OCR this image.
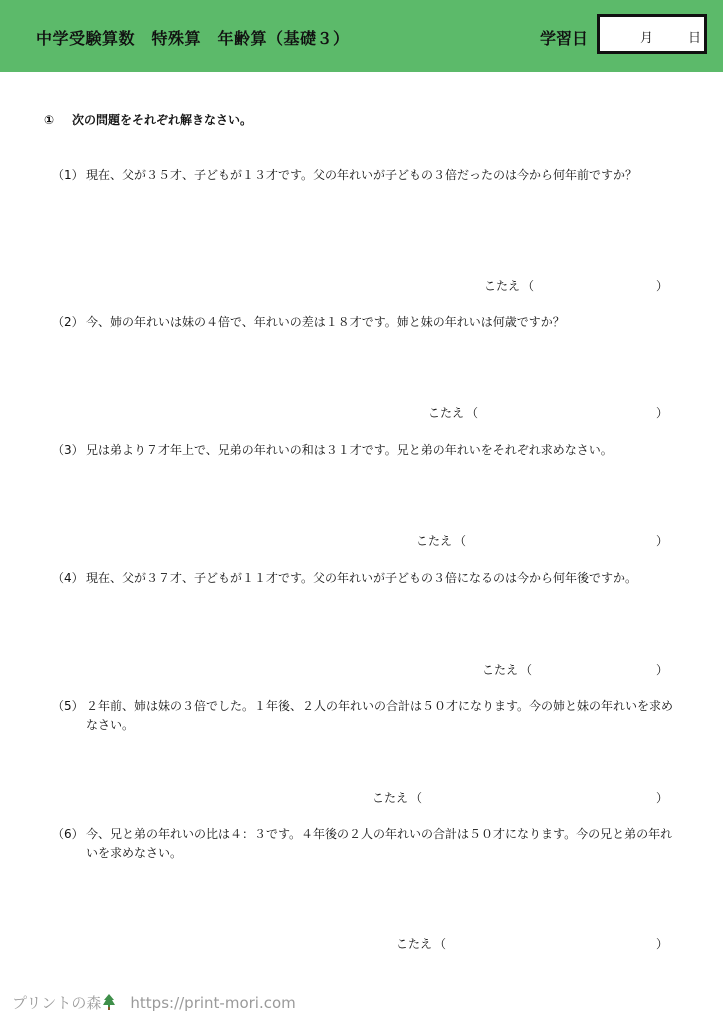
中学受験算数　特殊算　年齢算（基礎３）	学習日	月	日
① 次の問題をそれぞれ解きなさい。
（1） 現在、父が３５才、子どもが１３才です。父の年れいが子どもの３倍だったのは今から何年前ですか？
こたえ （	）
（2） 今、姉の年れいは妹の４倍で、年れいの差は１８才です。姉と妹の年れいは何歳ですか？
こたえ （	）
（3） 兄は弟より７才年上で、兄弟の年れいの和は３１才です。兄と弟の年れいをそれぞれ求めなさい。
こたえ （	）
（4） 現在、父が３７才、子どもが１１才です。父の年れいが子どもの３倍になるのは今から何年後ですか。
こたえ （	）
（5） ２年前、姉は妹の３倍でした。１年後、２人の年れいの合計は５０才になります。今の姉と妹の年れいを求めなさい。
こたえ （	）
（6） 今、兄と弟の年れいの比は４：３です。４年後の２人の年れいの合計は５０才になります。今の兄と弟の年れいを求めなさい。
こたえ （	）
プリントの森 https://print-mori.com
